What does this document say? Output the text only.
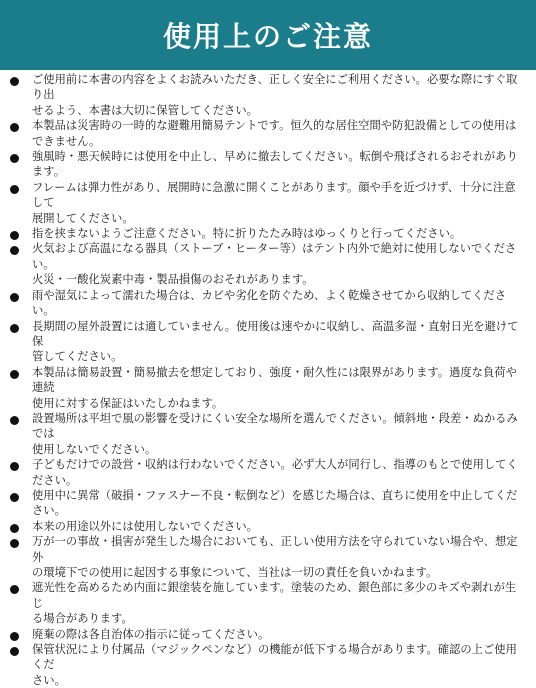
使用上のご注意
ご使用前に本書の内容をよくお読みいただき、正しく安全にご利用ください。必要な際にすぐ取り出
せるよう、本書は大切に保管してください。
本製品は災害時の一時的な避難用簡易テントです。恒久的な居住空間や防犯設備としての使用は
できません。
強風時・悪天候時には使用を中止し、早めに撤去してください。転倒や飛ばされるおそれがあります。
フレームは弾力性があり、展開時に急激に開くことがあります。顔や手を近づけず、十分に注意して
展開してください。
指を挟まないようご注意ください。特に折りたたみ時はゆっくりと行ってください。
火気および高温になる器具（ストーブ・ヒーター等）はテント内外で絶対に使用しないでください。
火災・一酸化炭素中毒・製品損傷のおそれがあります。
雨や湿気によって濡れた場合は、カビや劣化を防ぐため、よく乾燥させてから収納してください。
長期間の屋外設置には適していません。使用後は速やかに収納し、高温多湿・直射日光を避けて保
管してください。
本製品は簡易設置・簡易撤去を想定しており、強度・耐久性には限界があります。過度な負荷や連続
使用に対する保証はいたしかねます。
設置場所は平坦で風の影響を受けにくい安全な場所を選んでください。傾斜地・段差・ぬかるみでは
使用しないでください。
子どもだけでの設営・収納は行わないでください。必ず大人が同行し、指導のもとで使用してください。
使用中に異常（破損・ファスナー不良・転倒など）を感じた場合は、直ちに使用を中止してください。
本来の用途以外には使用しないでください。
万が一の事故・損害が発生した場合においても、正しい使用方法を守られていない場合や、想定外
の環境下での使用に起因する事象について、当社は一切の責任を負いかねます。
遮光性を高めるため内面に銀塗装を施しています。塗装のため、銀色部に多少のキズや剥れが生じ
る場合があります。
廃棄の際は各自治体の指示に従ってください。
保管状況により付属品（マジックペンなど）の機能が低下する場合があります。確認の上ご使用くだ
さい。
